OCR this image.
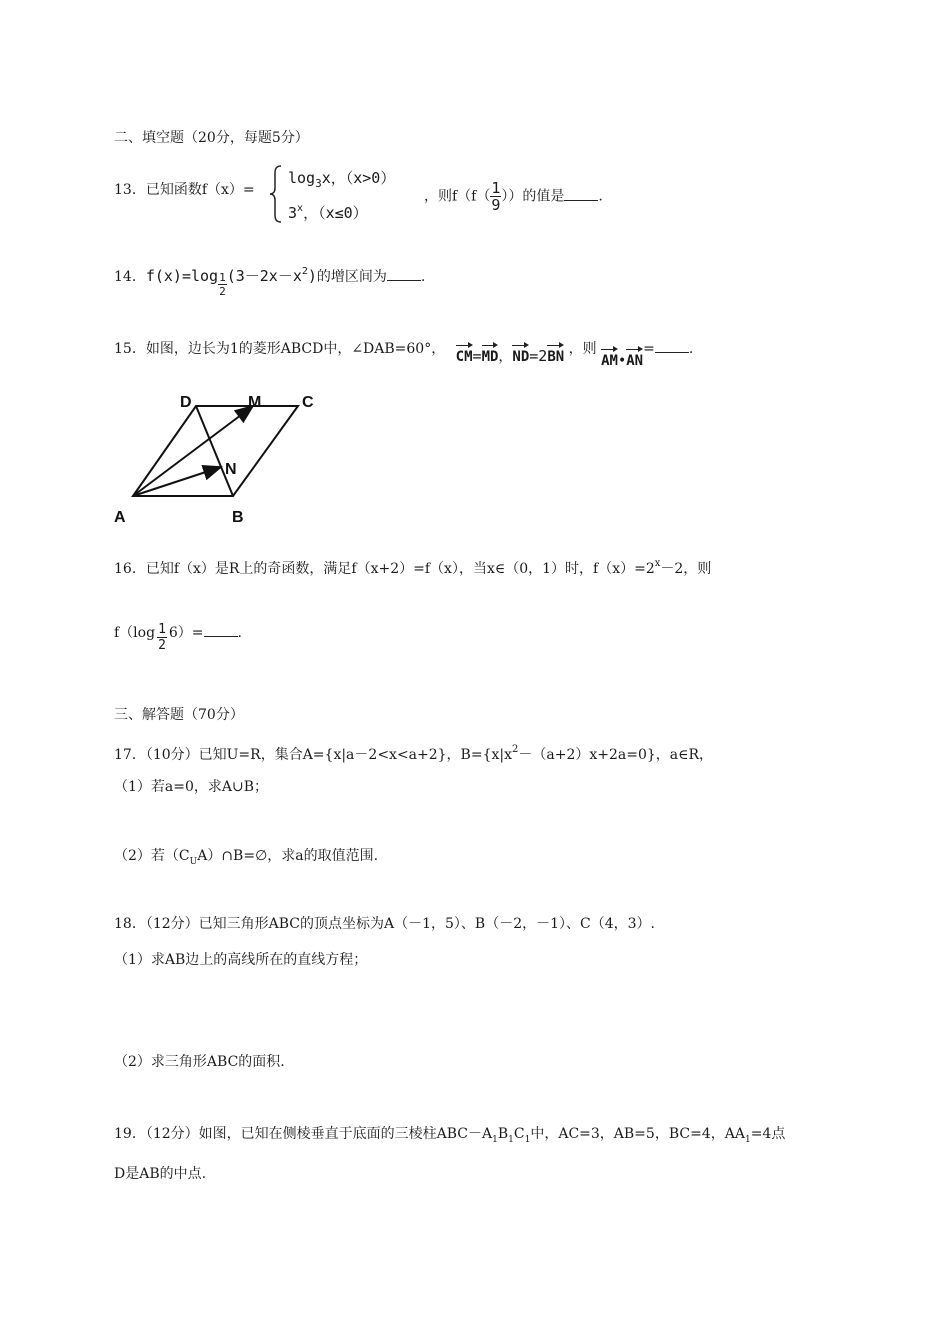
二、填空题（20分，每题5分）
13．已知函数f（x）=
$\log_3x$，（x>0）
3$^x$，（x≤0）
，则$f(f( \frac{1}{9}$ ））的值是 .
14．$f(x)=\log \frac{1}{2} (3-2x-x^2)$的增区间为 .
15．如图，边长为1的菱形ABCD中，∠DAB=60°， CM=MD，ND=2BN ，则 AM•AN= .
D	M	C
N
A	B
16．已知f（x）是R上的奇函数，满足f（x+2）=f（x），当x∈（0，1）时，$f(x)=2^x-2$，则
$f(\log \frac{1}{2} 6)=$ .
三、解答题（70分）
17．（10分）已知U=R，集合A={x|a－2<x<a+2}，$B=\{x|x^2-(a+2)x+2a=0\}$，a∈R，
（1）若a=0，求A∪B；
（2）若$(C_UA)\cap B=\emptyset$，求a的取值范围.
18．（12分）已知三角形ABC的顶点坐标为A（－1，5）、B（－2，－1）、C（4，3）.
（1）求AB边上的高线所在的直线方程；
（2）求三角形ABC的面积.
19．（12分）如图，已知在侧棱垂直于底面的三棱柱$ABC-A_1B_1C_1$中，AC=3，AB=5，BC=4，$AA_1=4$点
D是AB的中点.
